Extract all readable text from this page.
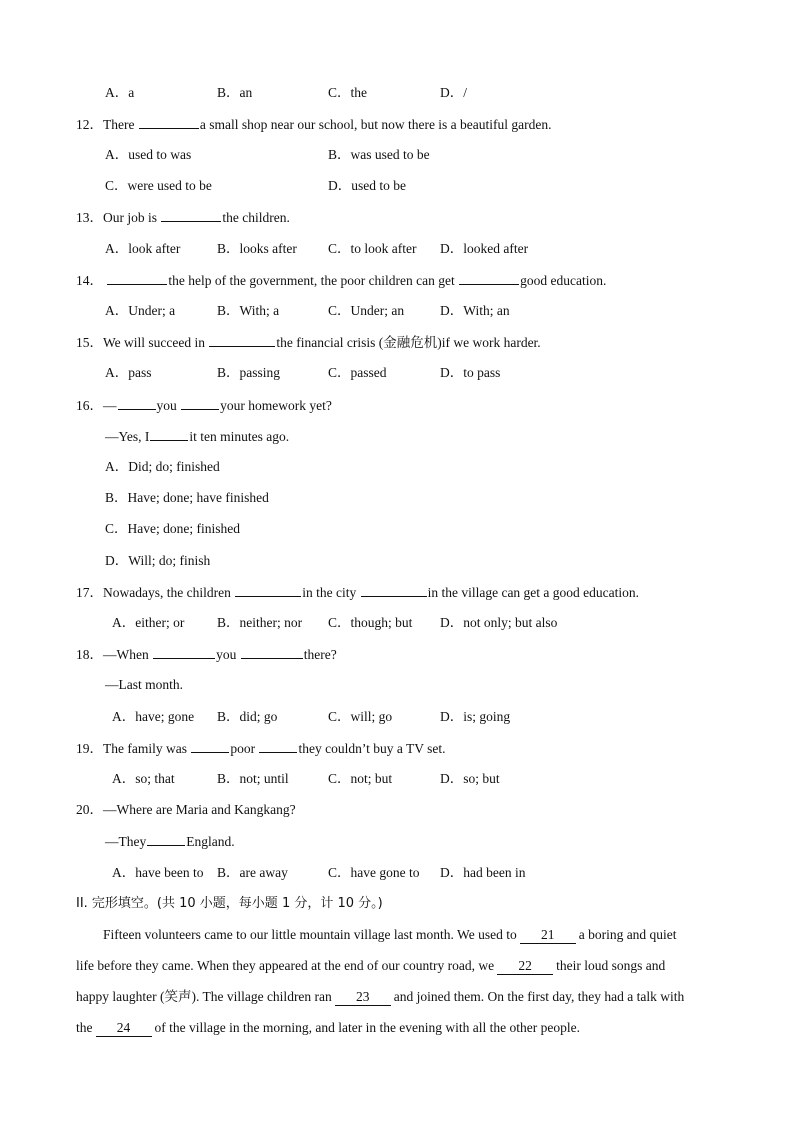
A．a	B．an	C．the	D．/
12．There	a small shop near our school, but now there is a beautiful garden.
A．used to was	B．was used to be
C．were used to be	D．used to be
13．Our job is	the children.
A．look after	B．looks after C．to look after D．looked after
14．	the help of the government, the poor children can get	good education.
A．Under; a	B．With; a	C．Under; an	D．With; an
15．We will succeed in	the financial crisis (金融危机)if we work harder.
A．pass	B．passing	C．passed	D．to pass
16．—	you	your homework yet?
—Yes, I	it ten minutes ago.
A．Did; do; finished
B．Have; done; have finished
C．Have; done; finished
D．Will; do; finish
17．Nowadays, the children	in the city	in the village can get a good education.
A．either; or B．neither; nor C．though; but D．not only; but also
18．—When	you	there?
—Last month.
A．have; gone B．did; go	C．will; go	D．is; going
19．The family was	poor	they couldn’t buy a TV set.
A．so; that	B．not; until	C．not; but	D．so; but
20．—Where are Maria and Kangkang?
—They	England.
A．have been to B．are away	C．have gone to D．had been in
II. 完形填空。(共 10 小题，每小题 1 分，计 10 分。)
Fifteen volunteers came to our little mountain village last month. We used to 21 a boring and quiet
life before they came. When they appeared at the end of our country road, we 22 their loud songs and
happy laughter (笑声). The village children ran 23 and joined them. On the first day, they had a talk with
the 24 of the village in the morning, and later in the evening with all the other people.
